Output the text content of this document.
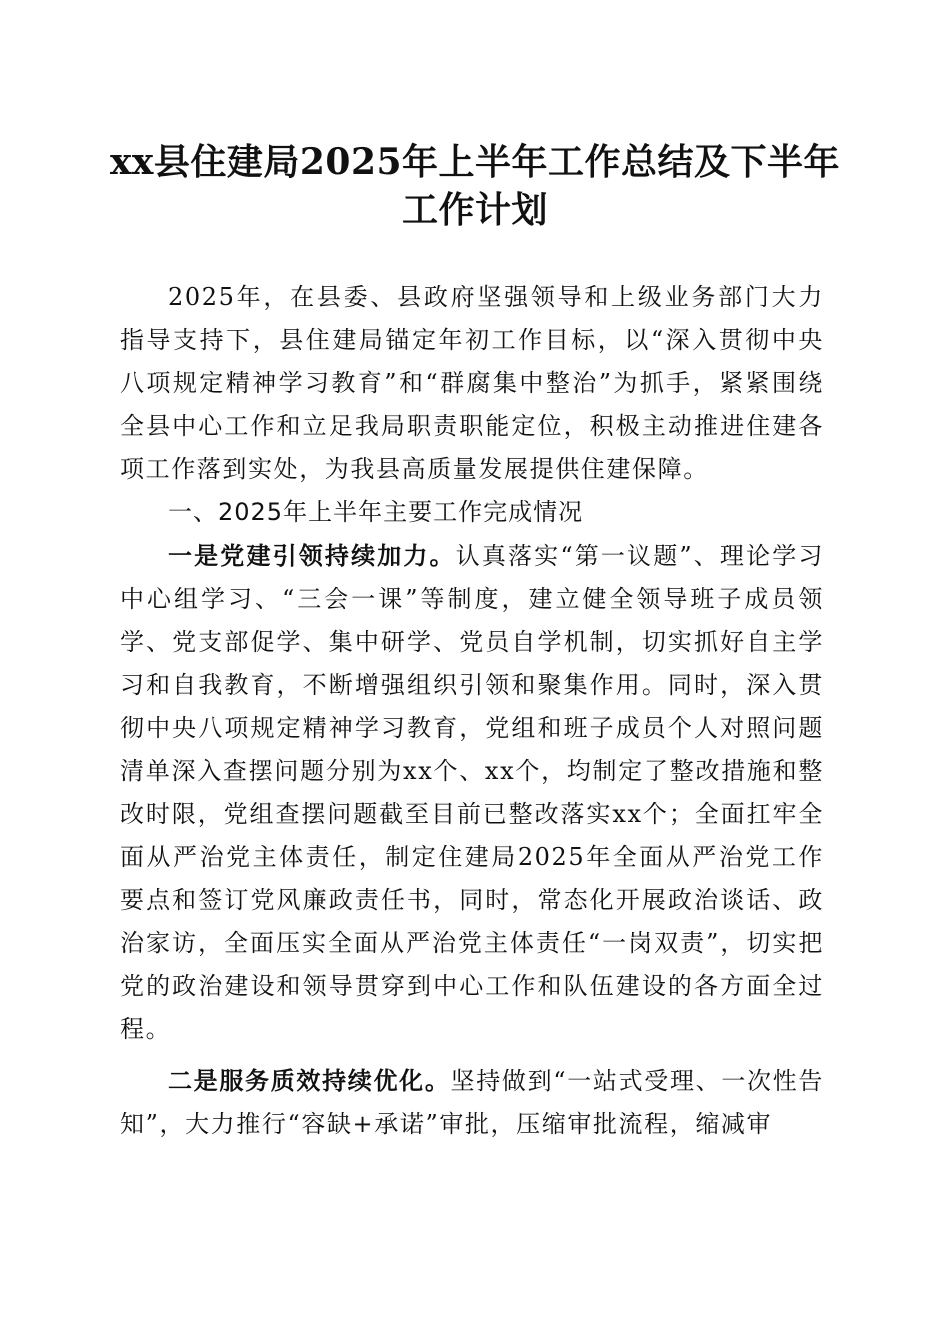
xx县住建局2025年上半年工作总结及下半年
工作计划

2025年，在县委、县政府坚强领导和上级业务部门大力指导支持下，县住建局锚定年初工作目标，以“深入贯彻中央八项规定精神学习教育”和“群腐集中整治”为抓手，紧紧围绕全县中心工作和立足我局职责职能定位，积极主动推进住建各项工作落到实处，为我县高质量发展提供住建保障。

一、2025年上半年主要工作完成情况

一是党建引领持续加力。认真落实“第一议题”、理论学习中心组学习、“三会一课”等制度，建立健全领导班子成员领学、党支部促学、集中研学、党员自学机制，切实抓好自主学习和自我教育，不断增强组织引领和聚集作用。同时，深入贯彻中央八项规定精神学习教育，党组和班子成员个人对照问题清单深入查摆问题分别为xx个、xx个，均制定了整改措施和整改时限，党组查摆问题截至目前已整改落实xx个；全面扛牢全面从严治党主体责任，制定住建局2025年全面从严治党工作要点和签订党风廉政责任书，同时，常态化开展政治谈话、政治家访，全面压实全面从严治党主体责任“一岗双责”，切实把党的政治建设和领导贯穿到中心工作和队伍建设的各方面全过程。

二是服务质效持续优化。坚持做到“一站式受理、一次性告知”，大力推行“容缺+承诺”审批，压缩审批流程，缩减审
